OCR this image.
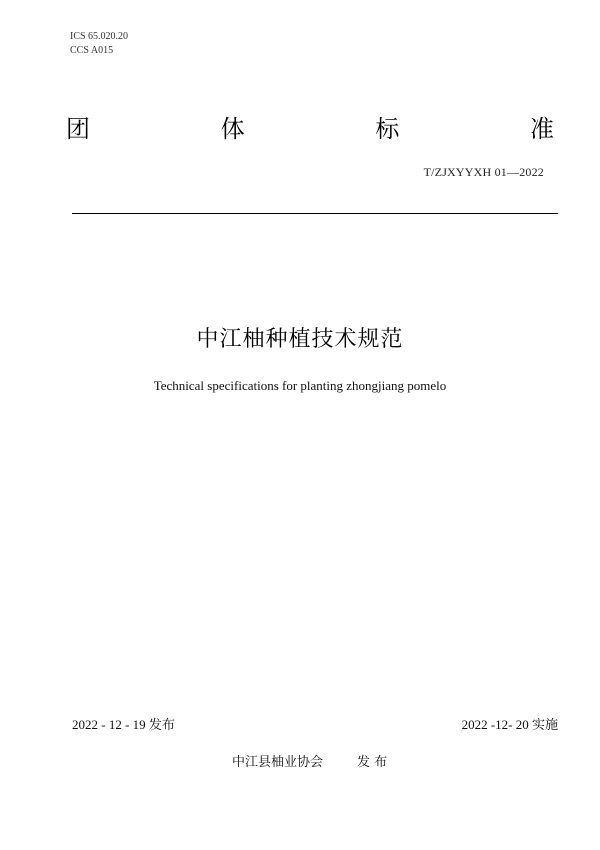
ICS 65.020.20
CCS A015
团	体	标	准
T/ZJXYYXH 01—2022
中江柚种植技术规范
Technical specifications for planting zhongjiang pomelo
2022 - 12 - 19 发布	2022 -12- 20 实施
中江县柚业协会	发 布
